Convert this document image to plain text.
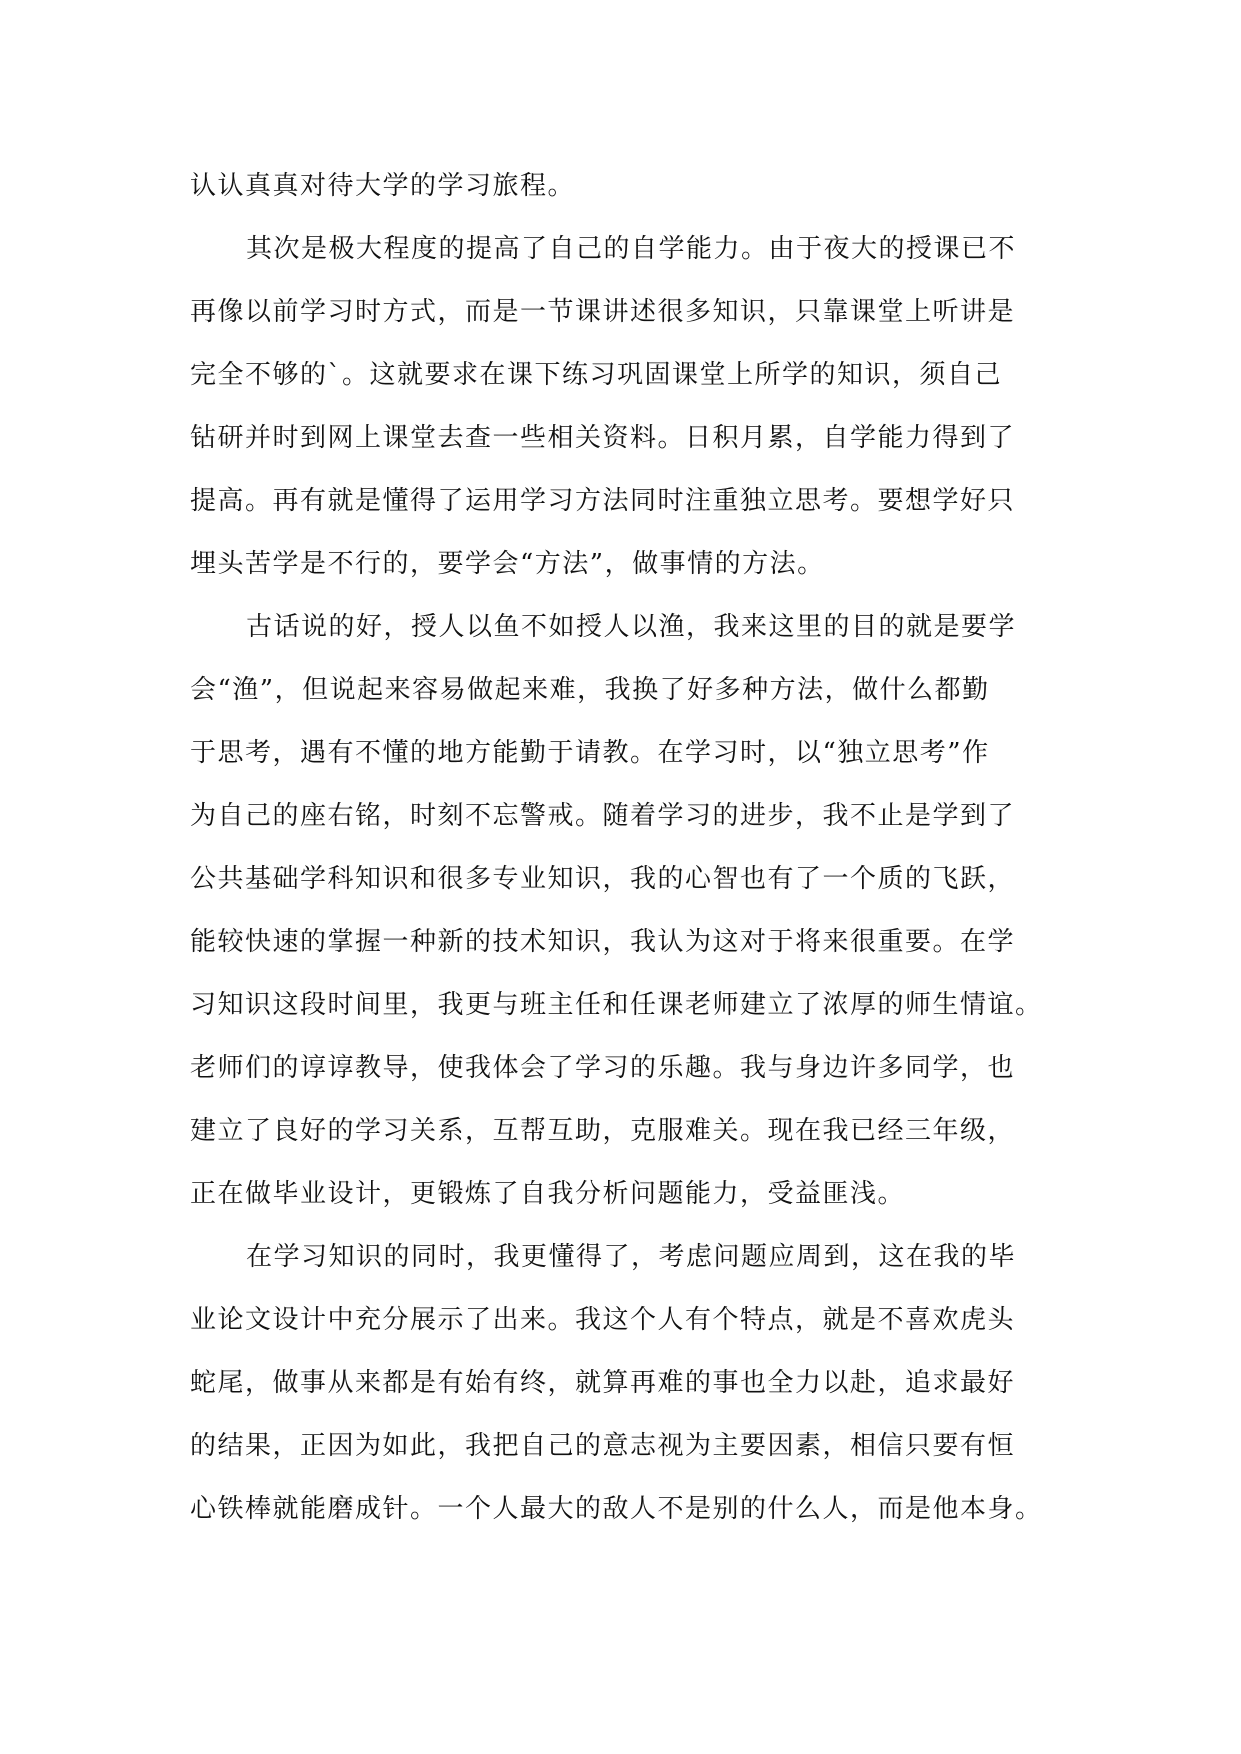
认认真真对待大学的学习旅程。
其次是极大程度的提高了自己的自学能力。由于夜大的授课已不
再像以前学习时方式，而是一节课讲述很多知识，只靠课堂上听讲是
完全不够的`。这就要求在课下练习巩固课堂上所学的知识，须自己
钻研并时到网上课堂去查一些相关资料。日积月累，自学能力得到了
提高。再有就是懂得了运用学习方法同时注重独立思考。要想学好只
埋头苦学是不行的，要学会“方法”，做事情的方法。
古话说的好，授人以鱼不如授人以渔，我来这里的目的就是要学
会“渔”，但说起来容易做起来难，我换了好多种方法，做什么都勤
于思考，遇有不懂的地方能勤于请教。在学习时，以“独立思考”作
为自己的座右铭，时刻不忘警戒。随着学习的进步，我不止是学到了
公共基础学科知识和很多专业知识，我的心智也有了一个质的飞跃，
能较快速的掌握一种新的技术知识，我认为这对于将来很重要。在学
习知识这段时间里，我更与班主任和任课老师建立了浓厚的师生情谊。
老师们的谆谆教导，使我体会了学习的乐趣。我与身边许多同学，也
建立了良好的学习关系，互帮互助，克服难关。现在我已经三年级，
正在做毕业设计，更锻炼了自我分析问题能力，受益匪浅。
在学习知识的同时，我更懂得了，考虑问题应周到，这在我的毕
业论文设计中充分展示了出来。我这个人有个特点，就是不喜欢虎头
蛇尾，做事从来都是有始有终，就算再难的事也全力以赴，追求最好
的结果，正因为如此，我把自己的意志视为主要因素，相信只要有恒
心铁棒就能磨成针。一个人最大的敌人不是别的什么人，而是他本身。
